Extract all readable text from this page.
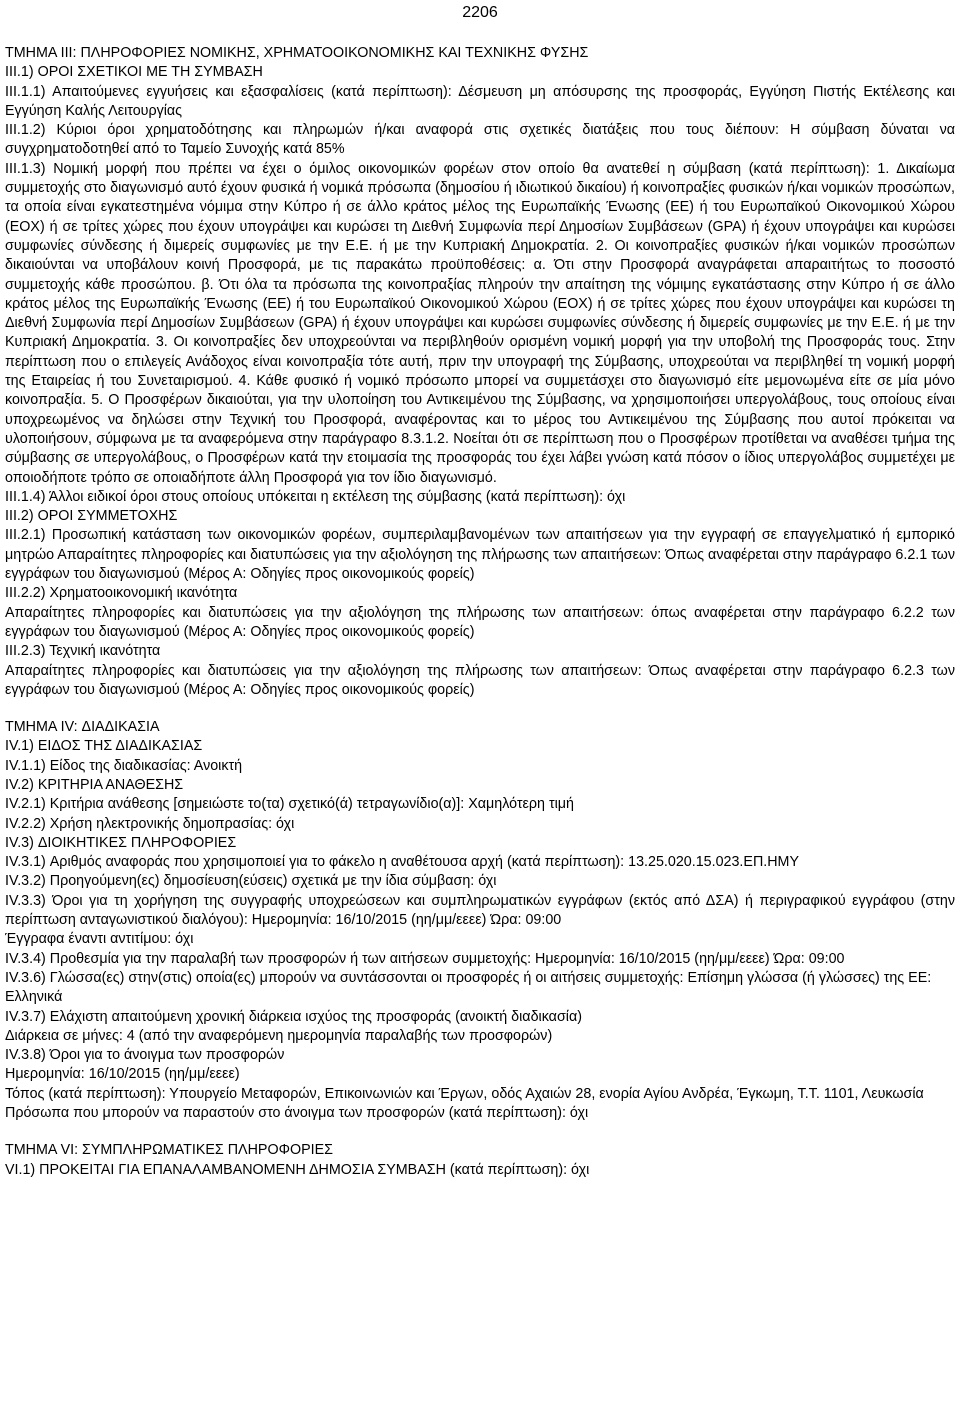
2206

ΤΜΗΜΑ III: ΠΛΗΡΟΦΟΡΙΕΣ ΝΟΜΙΚΗΣ, ΧΡΗΜΑΤΟΟΙΚΟΝΟΜΙΚΗΣ ΚΑΙ ΤΕΧΝΙΚΗΣ ΦΥΣΗΣ

ΙΙΙ.1) ΟΡΟΙ ΣΧΕΤΙΚΟΙ ΜΕ ΤΗ ΣΥΜΒΑΣΗ

ΙΙΙ.1.1) Απαιτούμενες εγγυήσεις και εξασφαλίσεις (κατά περίπτωση): Δέσμευση μη απόσυρσης της προσφοράς, Εγγύηση Πιστής Εκτέλεσης και Εγγύηση Καλής Λειτουργίας

ΙΙΙ.1.2) Κύριοι όροι χρηματοδότησης και πληρωμών ή/και αναφορά στις σχετικές διατάξεις που τους διέπουν: Η σύμβαση δύναται να συγχρηματοδοτηθεί από το Ταμείο Συνοχής κατά 85%

ΙΙΙ.1.3) Νομική μορφή που πρέπει να έχει ο όμιλος οικονομικών φορέων στον οποίο θα ανατεθεί η σύμβαση (κατά περίπτωση): 1. Δικαίωμα συμμετοχής στο διαγωνισμό αυτό έχουν φυσικά ή νομικά πρόσωπα (δημοσίου ή ιδιωτικού δικαίου) ή κοινοπραξίες φυσικών ή/και νομικών προσώπων, τα οποία είναι εγκατεστημένα νόμιμα στην Κύπρο ή σε άλλο κράτος μέλος της Ευρωπαϊκής Ένωσης (ΕΕ) ή του Ευρωπαϊκού Οικονομικού Χώρου (ΕΟΧ) ή σε τρίτες χώρες που έχουν υπογράψει και κυρώσει τη Διεθνή Συμφωνία περί Δημοσίων Συμβάσεων (GPA) ή έχουν υπογράψει και κυρώσει συμφωνίες σύνδεσης ή διμερείς συμφωνίες με την Ε.Ε. ή με την Κυπριακή Δημοκρατία. 2. Οι κοινοπραξίες φυσικών ή/και νομικών προσώπων δικαιούνται να υποβάλουν κοινή Προσφορά, με τις παρακάτω προϋποθέσεις: α. Ότι στην Προσφορά αναγράφεται απαραιτήτως το ποσοστό συμμετοχής κάθε προσώπου. β. Ότι όλα τα πρόσωπα της κοινοπραξίας πληρούν την απαίτηση της νόμιμης εγκατάστασης στην Κύπρο ή σε άλλο κράτος μέλος της Ευρωπαϊκής Ένωσης (ΕΕ) ή του Ευρωπαϊκού Οικονομικού Χώρου (ΕΟΧ) ή σε τρίτες χώρες που έχουν υπογράψει και κυρώσει τη Διεθνή Συμφωνία περί Δημοσίων Συμβάσεων (GPA) ή έχουν υπογράψει και κυρώσει συμφωνίες σύνδεσης ή διμερείς συμφωνίες με την Ε.Ε. ή με την Κυπριακή Δημοκρατία. 3. Οι κοινοπραξίες δεν υποχρεούνται να περιβληθούν ορισμένη νομική μορφή για την υποβολή της Προσφοράς τους. Στην περίπτωση που ο επιλεγείς Ανάδοχος είναι κοινοπραξία τότε αυτή, πριν την υπογραφή της Σύμβασης, υποχρεούται να περιβληθεί τη νομική μορφή της Εταιρείας ή του Συνεταιρισμού. 4. Κάθε φυσικό ή νομικό πρόσωπο μπορεί να συμμετάσχει στο διαγωνισμό είτε μεμονωμένα είτε σε μία μόνο κοινοπραξία. 5. Ο Προσφέρων δικαιούται, για την υλοποίηση του Αντικειμένου της Σύμβασης, να χρησιμοποιήσει υπεργολάβους, τους οποίους είναι υποχρεωμένος να δηλώσει στην Τεχνική του Προσφορά, αναφέροντας και το μέρος του Αντικειμένου της Σύμβασης που αυτοί πρόκειται να υλοποιήσουν, σύμφωνα με τα αναφερόμενα στην παράγραφο 8.3.1.2. Νοείται ότι σε περίπτωση που ο Προσφέρων προτίθεται να αναθέσει τμήμα της σύμβασης σε υπεργολάβους, ο Προσφέρων κατά την ετοιμασία της προσφοράς του έχει λάβει γνώση κατά πόσον ο ίδιος υπεργολάβος συμμετέχει με οποιοδήποτε τρόπο σε οποιαδήποτε άλλη Προσφορά για τον ίδιο διαγωνισμό.

ΙΙΙ.1.4) Άλλοι ειδικοί όροι στους οποίους υπόκειται η εκτέλεση της σύμβασης (κατά περίπτωση): όχι

ΙΙΙ.2) ΟΡΟΙ ΣΥΜΜΕΤΟΧΗΣ

ΙΙΙ.2.1) Προσωπική κατάσταση των οικονομικών φορέων, συμπεριλαμβανομένων των απαιτήσεων για την εγγραφή σε επαγγελματικό ή εμπορικό μητρώο Απαραίτητες πληροφορίες και διατυπώσεις για την αξιολόγηση της πλήρωσης των απαιτήσεων: Όπως αναφέρεται στην παράγραφο 6.2.1 των εγγράφων του διαγωνισμού (Μέρος Α: Οδηγίες προς οικονομικούς φορείς)

ΙΙΙ.2.2) Χρηματοοικονομική ικανότητα

Απαραίτητες πληροφορίες και διατυπώσεις για την αξιολόγηση της πλήρωσης των απαιτήσεων: όπως αναφέρεται στην παράγραφο 6.2.2 των εγγράφων του διαγωνισμού (Μέρος Α: Οδηγίες προς οικονομικούς φορείς)

ΙΙΙ.2.3) Τεχνική ικανότητα

Απαραίτητες πληροφορίες και διατυπώσεις για την αξιολόγηση της πλήρωσης των απαιτήσεων: Όπως αναφέρεται στην παράγραφο 6.2.3 των εγγράφων του διαγωνισμού (Μέρος Α: Οδηγίες προς οικονομικούς φορείς)

ΤΜΗΜΑ IV: ΔΙΑΔΙΚΑΣΙΑ

IV.1) ΕΙΔΟΣ ΤΗΣ ΔΙΑΔΙΚΑΣΙΑΣ

IV.1.1) Είδος της διαδικασίας: Ανοικτή

IV.2) ΚΡΙΤΗΡΙΑ ΑΝΑΘΕΣΗΣ

IV.2.1) Κριτήρια ανάθεσης [σημειώστε το(τα) σχετικό(ά) τετραγωνίδιο(α)]: Χαμηλότερη τιμή

IV.2.2) Χρήση ηλεκτρονικής δημοπρασίας: όχι

IV.3) ΔΙΟΙΚΗΤΙΚΕΣ ΠΛΗΡΟΦΟΡΙΕΣ

IV.3.1) Αριθμός αναφοράς που χρησιμοποιεί για το φάκελο η αναθέτουσα αρχή (κατά περίπτωση): 13.25.020.15.023.ΕΠ.ΗΜΥ

IV.3.2) Προηγούμενη(ες) δημοσίευση(εύσεις) σχετικά με την ίδια σύμβαση: όχι

IV.3.3) Όροι για τη χορήγηση της συγγραφής υποχρεώσεων και συμπληρωματικών εγγράφων (εκτός από ΔΣΑ) ή περιγραφικού εγγράφου (στην περίπτωση ανταγωνιστικού διαλόγου): Ημερομηνία: 16/10/2015 (ηη/μμ/εεεε) Ώρα: 09:00

Έγγραφα έναντι αντιτίμου: όχι

IV.3.4) Προθεσμία για την παραλαβή των προσφορών ή των αιτήσεων συμμετοχής: Ημερομηνία: 16/10/2015 (ηη/μμ/εεεε) Ώρα: 09:00

IV.3.6) Γλώσσα(ες) στην(στις) οποία(ες) μπορούν να συντάσσονται οι προσφορές ή οι αιτήσεις συμμετοχής: Επίσημη γλώσσα (ή γλώσσες) της ΕΕ:

Ελληνικά

IV.3.7) Ελάχιστη απαιτούμενη χρονική διάρκεια ισχύος της προσφοράς (ανοικτή διαδικασία)

Διάρκεια σε μήνες: 4 (από την αναφερόμενη ημερομηνία παραλαβής των προσφορών)

IV.3.8) Όροι για το άνοιγμα των προσφορών

Ημερομηνία: 16/10/2015 (ηη/μμ/εεεε)

Τόπος (κατά περίπτωση): Υπουργείο Μεταφορών, Επικοινωνιών και Έργων, οδός Αχαιών 28, ενορία Αγίου Ανδρέα, Έγκωμη, Τ.Τ. 1101, Λευκωσία

Πρόσωπα που μπορούν να παραστούν στο άνοιγμα των προσφορών (κατά περίπτωση): όχι

ΤΜΗΜΑ VI: ΣΥΜΠΛΗΡΩΜΑΤΙΚΕΣ ΠΛΗΡΟΦΟΡΙΕΣ

VI.1) ΠΡΟΚΕΙΤΑΙ ΓΙΑ ΕΠΑΝΑΛΑΜΒΑΝΟΜΕΝΗ ΔΗΜΟΣΙΑ ΣΥΜΒΑΣΗ (κατά περίπτωση): όχι
